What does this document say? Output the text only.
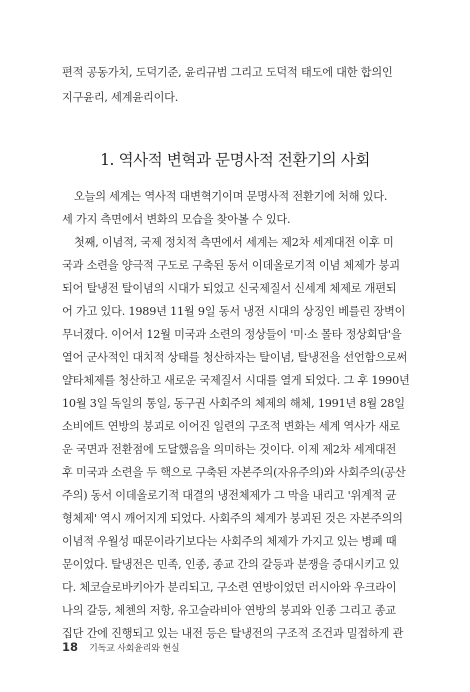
편적 공동가치, 도덕기준, 윤리규범 그리고 도덕적 태도에 대한 합의인
지구윤리, 세계윤리이다.
1. 역사적 변혁과 문명사적 전환기의 사회
오늘의 세계는 역사적 대변혁기이며 문명사적 전환기에 처해 있다.
세 가지 측면에서 변화의 모습을 찾아볼 수 있다.
첫째, 이념적, 국제 정치적 측면에서 세계는 제2차 세계대전 이후 미
국과 소련을 양극적 구도로 구축된 동서 이데올로기적 이념 체제가 붕괴
되어 탈냉전 탈이념의 시대가 되었고 신국제질서 신세계 체제로 개편되
어 가고 있다. 1989년 11월 9일 동서 냉전 시대의 상징인 베를린 장벽이
무너졌다. 이어서 12월 미국과 소련의 정상들이 '미·소 몰타 정상회담'을
열어 군사적인 대치적 상태를 청산하자는 탈이념, 탈냉전을 선언함으로써
얄타체제를 청산하고 새로운 국제질서 시대를 열게 되었다. 그 후 1990년
10월 3일 독일의 통일, 동구권 사회주의 체제의 해체, 1991년 8월 28일
소비에트 연방의 붕괴로 이어진 일련의 구조적 변화는 세계 역사가 새로
운 국면과 전환점에 도달했음을 의미하는 것이다. 이제 제2차 세계대전
후 미국과 소련을 두 핵으로 구축된 자본주의(자유주의)와 사회주의(공산
주의) 동서 이데올로기적 대결의 냉전체제가 그 막을 내리고 '위계적 균
형체제' 역시 깨어지게 되었다. 사회주의 체계가 붕괴된 것은 자본주의의
이념적 우월성 때문이라기보다는 사회주의 체제가 가지고 있는 병폐 때
문이었다. 탈냉전은 민족, 인종, 종교 간의 갈등과 분쟁을 증대시키고 있
다. 체코슬로바키아가 분리되고, 구소련 연방이었던 러시아와 우크라이
나의 갈등, 체첸의 저항, 유고슬라비아 연방의 붕괴와 인종 그리고 종교
집단 간에 진행되고 있는 내전 등은 탈냉전의 구조적 조건과 밀접하게 관
18 기독교 사회윤리와 현실
